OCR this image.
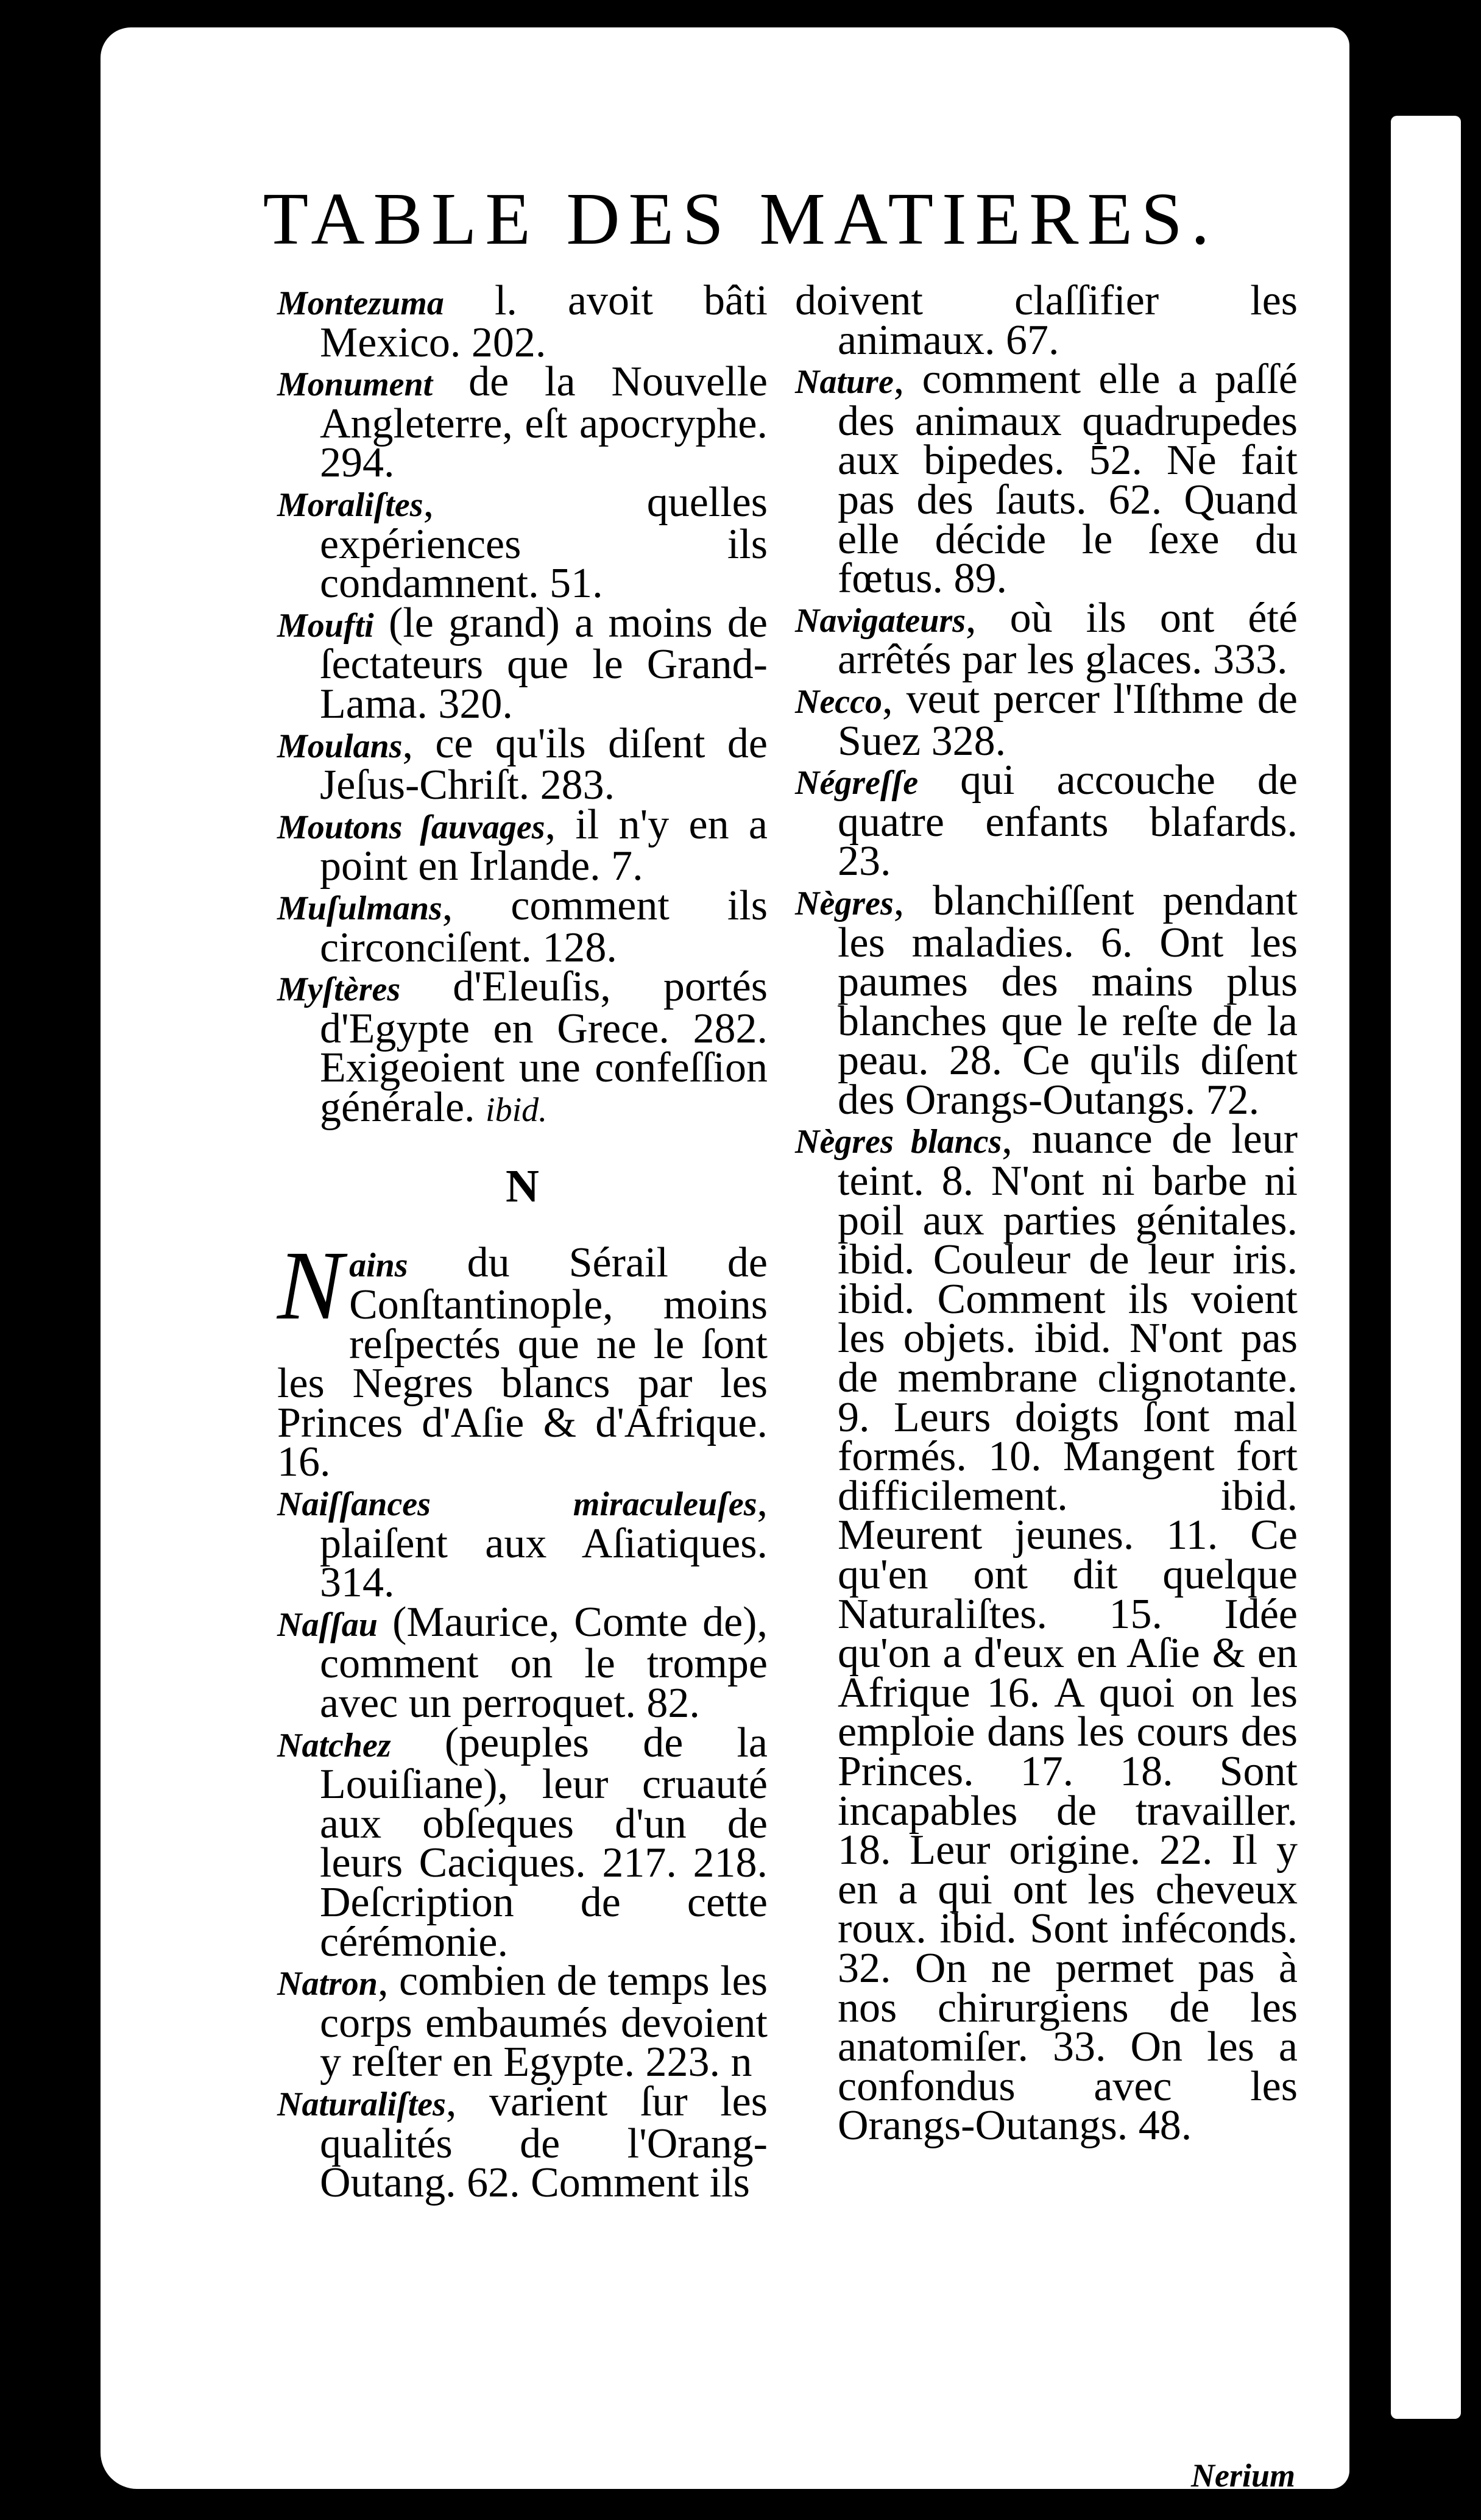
TABLE DES MATIERES.
Montezuma l. avoit bâti Mexico. 202.
Monument de la Nouvelle Angleterre, eſt apocryphe. 294.
Moraliſtes, quelles expériences ils condamnent. 51.
Moufti (le grand) a moins de ſectateurs que le Grand-Lama. 320.
Moulans, ce qu'ils diſent de Jeſus-Chriſt. 283.
Moutons ſauvages, il n'y en a point en Irlande. 7.
Muſulmans, comment ils circonciſent. 128.
Myſtères d'Eleuſis, portés d'Egypte en Grece. 282. Exigeoient une confeſſion générale. ibid.
N
Nains du Sérail de Conſtantinople, moins reſpectés que ne le ſont les Negres blancs par les Princes d'Aſie & d'Afrique. 16.
Naiſſances miraculeuſes, plaiſent aux Aſiatiques. 314.
Naſſau (Maurice, Comte de), comment on le trompe avec un perroquet. 82.
Natchez (peuples de la Louiſiane), leur cruauté aux obſeques d'un de leurs Caciques. 217. 218. Deſcription de cette cérémonie.
Natron, combien de temps les corps embaumés devoient y reſter en Egypte. 223. n
Naturaliſtes, varient ſur les qualités de l'Orang-Outang. 62. Comment ils
doivent claſſifier les animaux. 67.
Nature, comment elle a paſſé des animaux quadrupedes aux bipedes. 52. Ne fait pas des ſauts. 62. Quand elle décide le ſexe du fœtus. 89.
Navigateurs, où ils ont été arrêtés par les glaces. 333.
Necco, veut percer l'Iſthme de Suez 328.
Négreſſe qui accouche de quatre enfants blafards. 23.
Nègres, blanchiſſent pendant les maladies. 6. Ont les paumes des mains plus blanches que le reſte de la peau. 28. Ce qu'ils diſent des Orangs-Outangs. 72.
Nègres blancs, nuance de leur teint. 8. N'ont ni barbe ni poil aux parties génitales. ibid. Couleur de leur iris. ibid. Comment ils voient les objets. ibid. N'ont pas de membrane clignotante. 9. Leurs doigts ſont mal formés. 10. Mangent fort difficilement. ibid. Meurent jeunes. 11. Ce qu'en ont dit quelque Naturaliſtes. 15. Idée qu'on a d'eux en Aſie & en Afrique 16. A quoi on les emploie dans les cours des Princes. 17. 18. Sont incapables de travailler. 18. Leur origine. 22. Il y en a qui ont les cheveux roux. ibid. Sont inféconds. 32. On ne permet pas à nos chirurgiens de les anatomiſer. 33. On les a confondus avec les Orangs-Outangs. 48.
Nerium
